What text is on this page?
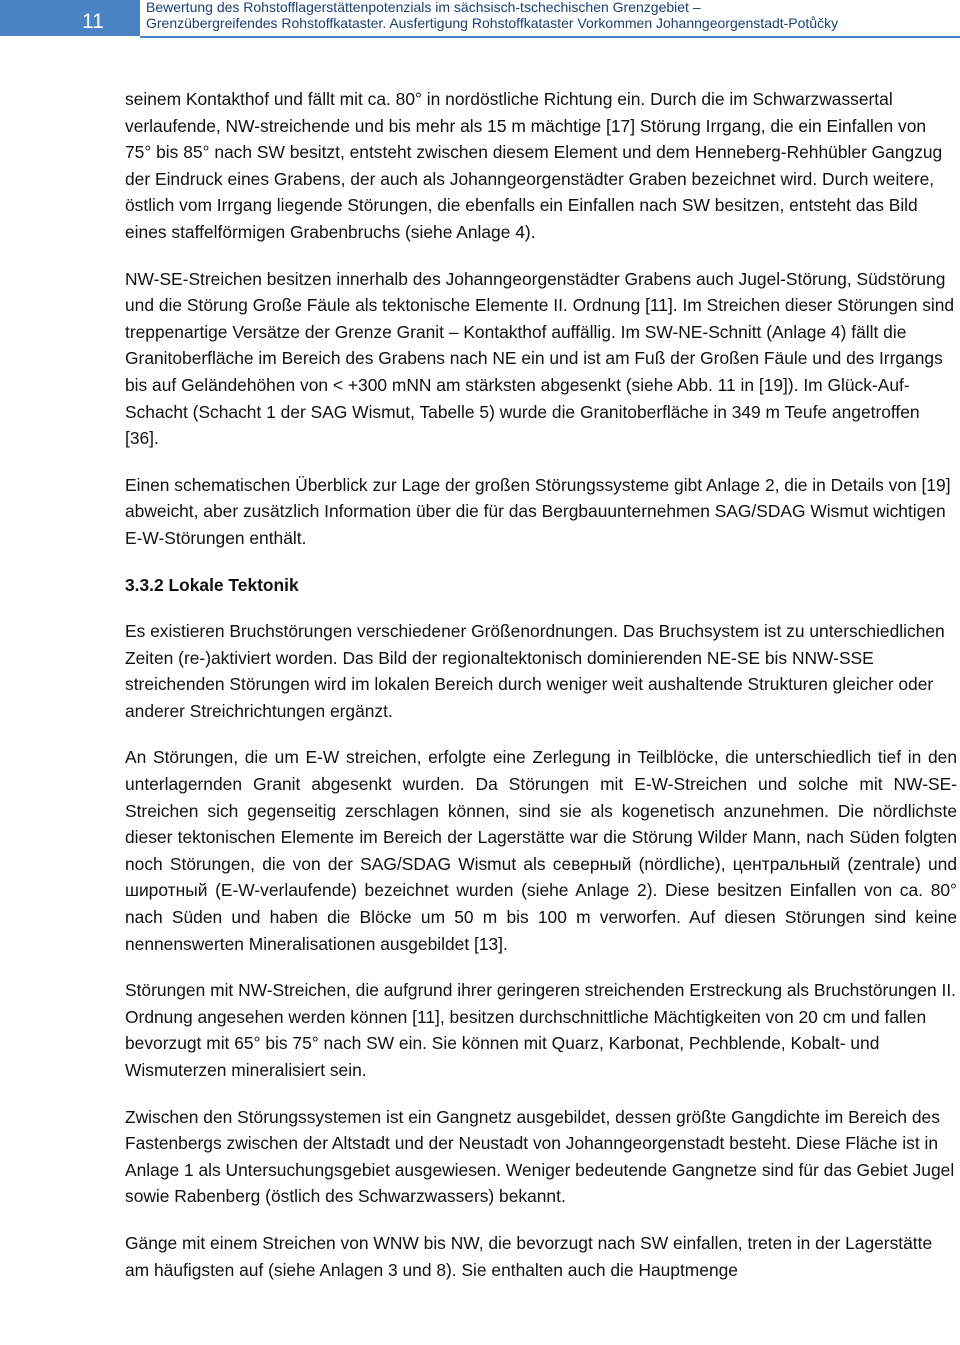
11
Bewertung des Rohstofflagerstättenpotenzials im sächsisch-tschechischen Grenzgebiet –
Grenzübergreifendes Rohstoffkataster. Ausfertigung Rohstoffkataster Vorkommen Johanngeorgenstadt-Potůčky

seinem Kontakthof und fällt mit ca. 80° in nordöstliche Richtung ein. Durch die im Schwarzwassertal verlaufende, NW-streichende und bis mehr als 15 m mächtige [17] Störung Irrgang, die ein Einfallen von 75° bis 85° nach SW besitzt, entsteht zwischen diesem Element und dem Henneberg-Rehhübler Gangzug der Eindruck eines Grabens, der auch als Johanngeorgenstädter Graben bezeichnet wird. Durch weitere, östlich vom Irrgang liegende Störungen, die ebenfalls ein Einfallen nach SW besitzen, entsteht das Bild eines staffelförmigen Grabenbruchs (siehe Anlage 4).

NW-SE-Streichen besitzen innerhalb des Johanngeorgenstädter Grabens auch Jugel-Störung, Südstörung und die Störung Große Fäule als tektonische Elemente II. Ordnung [11]. Im Streichen dieser Störungen sind treppenartige Versätze der Grenze Granit – Kontakthof auffällig. Im SW-NE-Schnitt (Anlage 4) fällt die Granitoberfläche im Bereich des Grabens nach NE ein und ist am Fuß der Großen Fäule und des Irrgangs bis auf Geländehöhen von < +300 mNN am stärksten abgesenkt (siehe Abb. 11 in [19]). Im Glück-Auf-Schacht (Schacht 1 der SAG Wismut, Tabelle 5) wurde die Granitoberfläche in 349 m Teufe angetroffen [36].

Einen schematischen Überblick zur Lage der großen Störungssysteme gibt Anlage 2, die in Details von [19] abweicht, aber zusätzlich Information über die für das Bergbauunternehmen SAG/SDAG Wismut wichtigen E-W-Störungen enthält.

3.3.2 Lokale Tektonik

Es existieren Bruchstörungen verschiedener Größenordnungen. Das Bruchsystem ist zu unterschiedlichen Zeiten (re-)aktiviert worden. Das Bild der regionaltektonisch dominierenden NE-SE bis NNW-SSE streichenden Störungen wird im lokalen Bereich durch weniger weit aushaltende Strukturen gleicher oder anderer Streichrichtungen ergänzt.

An Störungen, die um E-W streichen, erfolgte eine Zerlegung in Teilblöcke, die unterschiedlich tief in den unterlagernden Granit abgesenkt wurden. Da Störungen mit E-W-Streichen und solche mit NW-SE-Streichen sich gegenseitig zerschlagen können, sind sie als kogenetisch anzunehmen. Die nördlichste dieser tektonischen Elemente im Bereich der Lagerstätte war die Störung Wilder Mann, nach Süden folgten noch Störungen, die von der SAG/SDAG Wismut als северный (nördliche), центральный (zentrale) und широтный (E-W-verlaufende) bezeichnet wurden (siehe Anlage 2). Diese besitzen Einfallen von ca. 80° nach Süden und haben die Blöcke um 50 m bis 100 m verworfen. Auf diesen Störungen sind keine nennenswerten Mineralisationen ausgebildet [13].

Störungen mit NW-Streichen, die aufgrund ihrer geringeren streichenden Erstreckung als Bruchstörungen II. Ordnung angesehen werden können [11], besitzen durchschnittliche Mächtigkeiten von 20 cm und fallen bevorzugt mit 65° bis 75° nach SW ein. Sie können mit Quarz, Karbonat, Pechblende, Kobalt- und Wismuterzen mineralisiert sein.

Zwischen den Störungssystemen ist ein Gangnetz ausgebildet, dessen größte Gangdichte im Bereich des Fastenbergs zwischen der Altstadt und der Neustadt von Johanngeorgenstadt besteht. Diese Fläche ist in Anlage 1 als Untersuchungsgebiet ausgewiesen. Weniger bedeutende Gangnetze sind für das Gebiet Jugel sowie Rabenberg (östlich des Schwarzwassers) bekannt.

Gänge mit einem Streichen von WNW bis NW, die bevorzugt nach SW einfallen, treten in der Lagerstätte am häufigsten auf (siehe Anlagen 3 und 8). Sie enthalten auch die Hauptmenge
